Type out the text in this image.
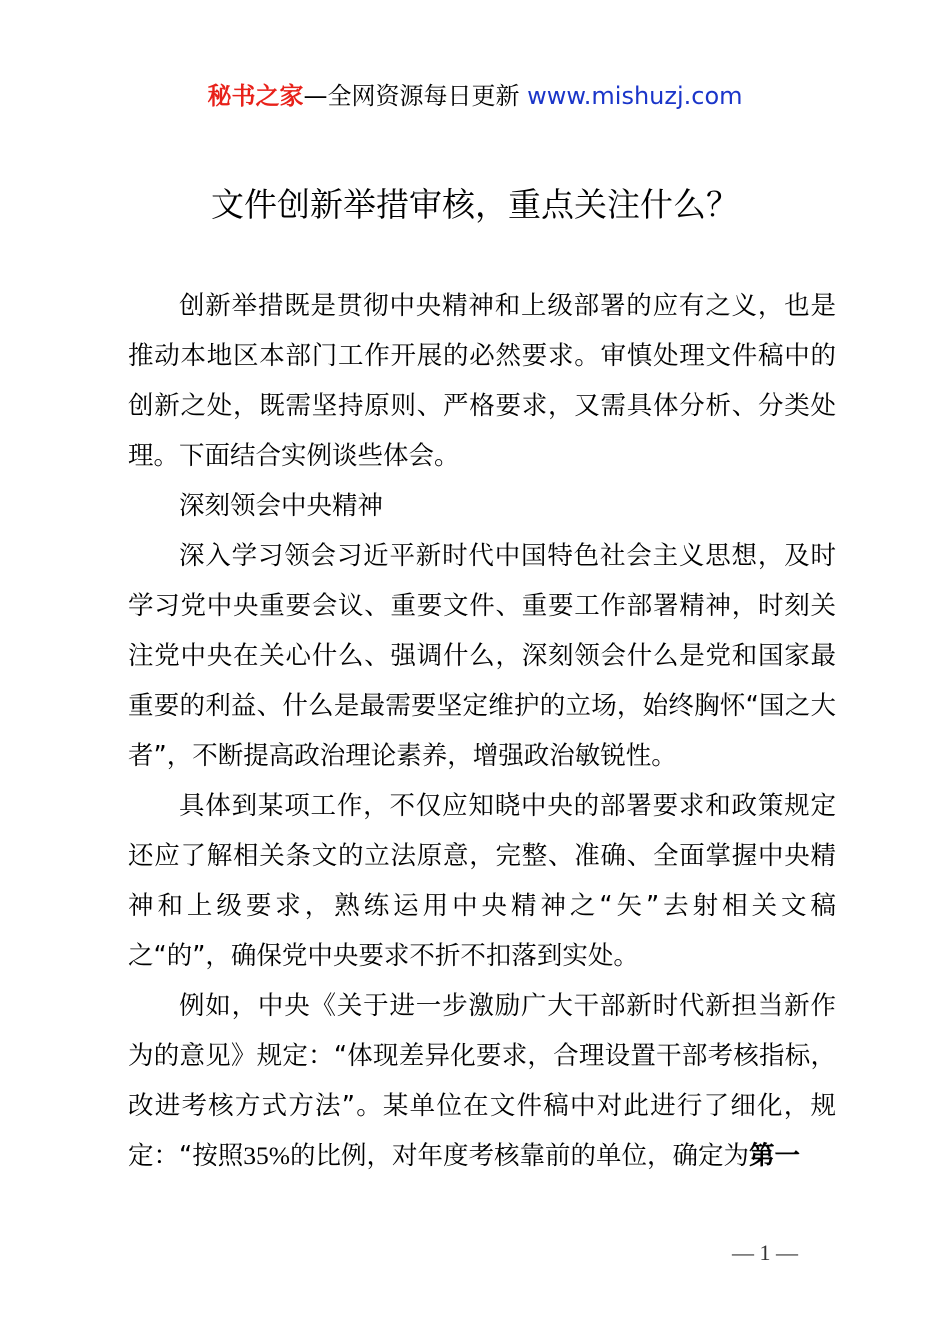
秘书之家—全网资源每日更新 www.mishuzj.com
文件创新举措审核，重点关注什么？

创新举措既是贯彻中央精神和上级部署的应有之义，也是推动本地区本部门工作开展的必然要求。审慎处理文件稿中的创新之处，既需坚持原则、严格要求，又需具体分析、分类处理。下面结合实例谈些体会。

深刻领会中央精神

深入学习领会习近平新时代中国特色社会主义思想，及时学习党中央重要会议、重要文件、重要工作部署精神，时刻关注党中央在关心什么、强调什么，深刻领会什么是党和国家最重要的利益、什么是最需要坚定维护的立场，始终胸怀“国之大者”，不断提高政治理论素养，增强政治敏锐性。

具体到某项工作，不仅应知晓中央的部署要求和政策规定还应了解相关条文的立法原意，完整、准确、全面掌握中央精神和上级要求，熟练运用中央精神之“矢”去射相关文稿之“的”，确保党中央要求不折不扣落到实处。

例如，中央《关于进一步激励广大干部新时代新担当新作为的意见》规定：“体现差异化要求，合理设置干部考核指标，改进考核方式方法”。某单位在文件稿中对此进行了细化，规定：“按照35%的比例，对年度考核靠前的单位，确定为第一

— 1 —
